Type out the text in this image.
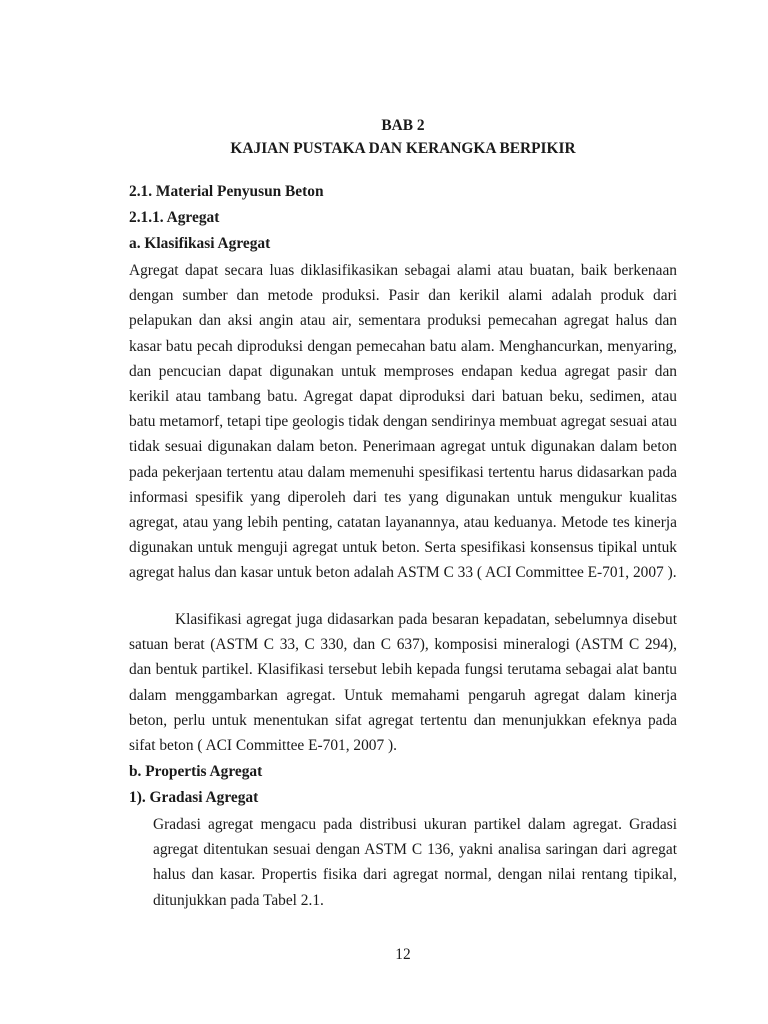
BAB 2
KAJIAN PUSTAKA DAN KERANGKA BERPIKIR
2.1. Material Penyusun Beton
2.1.1. Agregat
a. Klasifikasi Agregat

Agregat dapat secara luas diklasifikasikan sebagai alami atau buatan, baik berkenaan dengan sumber dan metode produksi. Pasir dan kerikil alami adalah produk dari pelapukan dan aksi angin atau air, sementara produksi pemecahan agregat halus dan kasar batu pecah diproduksi dengan pemecahan batu alam. Menghancurkan, menyaring, dan pencucian dapat digunakan untuk memproses endapan kedua agregat pasir dan kerikil atau tambang batu. Agregat dapat diproduksi dari batuan beku, sedimen, atau batu metamorf, tetapi tipe geologis tidak dengan sendirinya membuat agregat sesuai atau tidak sesuai digunakan dalam beton. Penerimaan agregat untuk digunakan dalam beton pada pekerjaan tertentu atau dalam memenuhi spesifikasi tertentu harus didasarkan pada informasi spesifik yang diperoleh dari tes yang digunakan untuk mengukur kualitas agregat, atau yang lebih penting, catatan layanannya, atau keduanya. Metode tes kinerja digunakan untuk menguji agregat untuk beton. Serta spesifikasi konsensus tipikal untuk agregat halus dan kasar untuk beton adalah ASTM C 33 ( ACI Committee E-701, 2007 ).

Klasifikasi agregat juga didasarkan pada besaran kepadatan, sebelumnya disebut satuan berat (ASTM C 33, C 330, dan C 637), komposisi mineralogi (ASTM C 294), dan bentuk partikel. Klasifikasi tersebut lebih kepada fungsi terutama sebagai alat bantu dalam menggambarkan agregat. Untuk memahami pengaruh agregat dalam kinerja beton, perlu untuk menentukan sifat agregat tertentu dan menunjukkan efeknya pada sifat beton ( ACI Committee E-701, 2007 ).

b. Propertis Agregat
1). Gradasi Agregat

Gradasi agregat mengacu pada distribusi ukuran partikel dalam agregat. Gradasi agregat ditentukan sesuai dengan ASTM C 136, yakni analisa saringan dari agregat halus dan kasar. Propertis fisika dari agregat normal, dengan nilai rentang tipikal, ditunjukkan pada Tabel 2.1.

12
